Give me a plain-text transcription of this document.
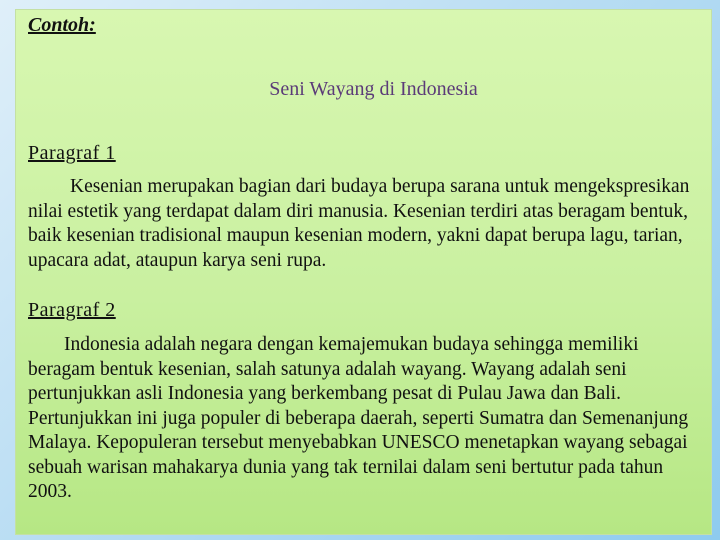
Contoh:
Seni Wayang di Indonesia
Paragraf 1

Kesenian merupakan bagian dari budaya berupa sarana untuk mengekspresikan nilai estetik yang terdapat dalam diri manusia. Kesenian terdiri atas beragam bentuk, baik kesenian tradisional maupun kesenian modern, yakni dapat berupa lagu, tarian, upacara adat, ataupun karya seni rupa.

Paragraf 2

Indonesia adalah negara dengan kemajemukan budaya sehingga memiliki beragam bentuk kesenian, salah satunya adalah wayang. Wayang adalah seni pertunjukkan asli Indonesia yang berkembang pesat di Pulau Jawa dan Bali. Pertunjukkan ini juga populer di beberapa daerah, seperti Sumatra dan Semenanjung Malaya. Kepopuleran tersebut menyebabkan UNESCO menetapkan wayang sebagai sebuah warisan mahakarya dunia yang tak ternilai dalam seni bertutur pada tahun 2003.
